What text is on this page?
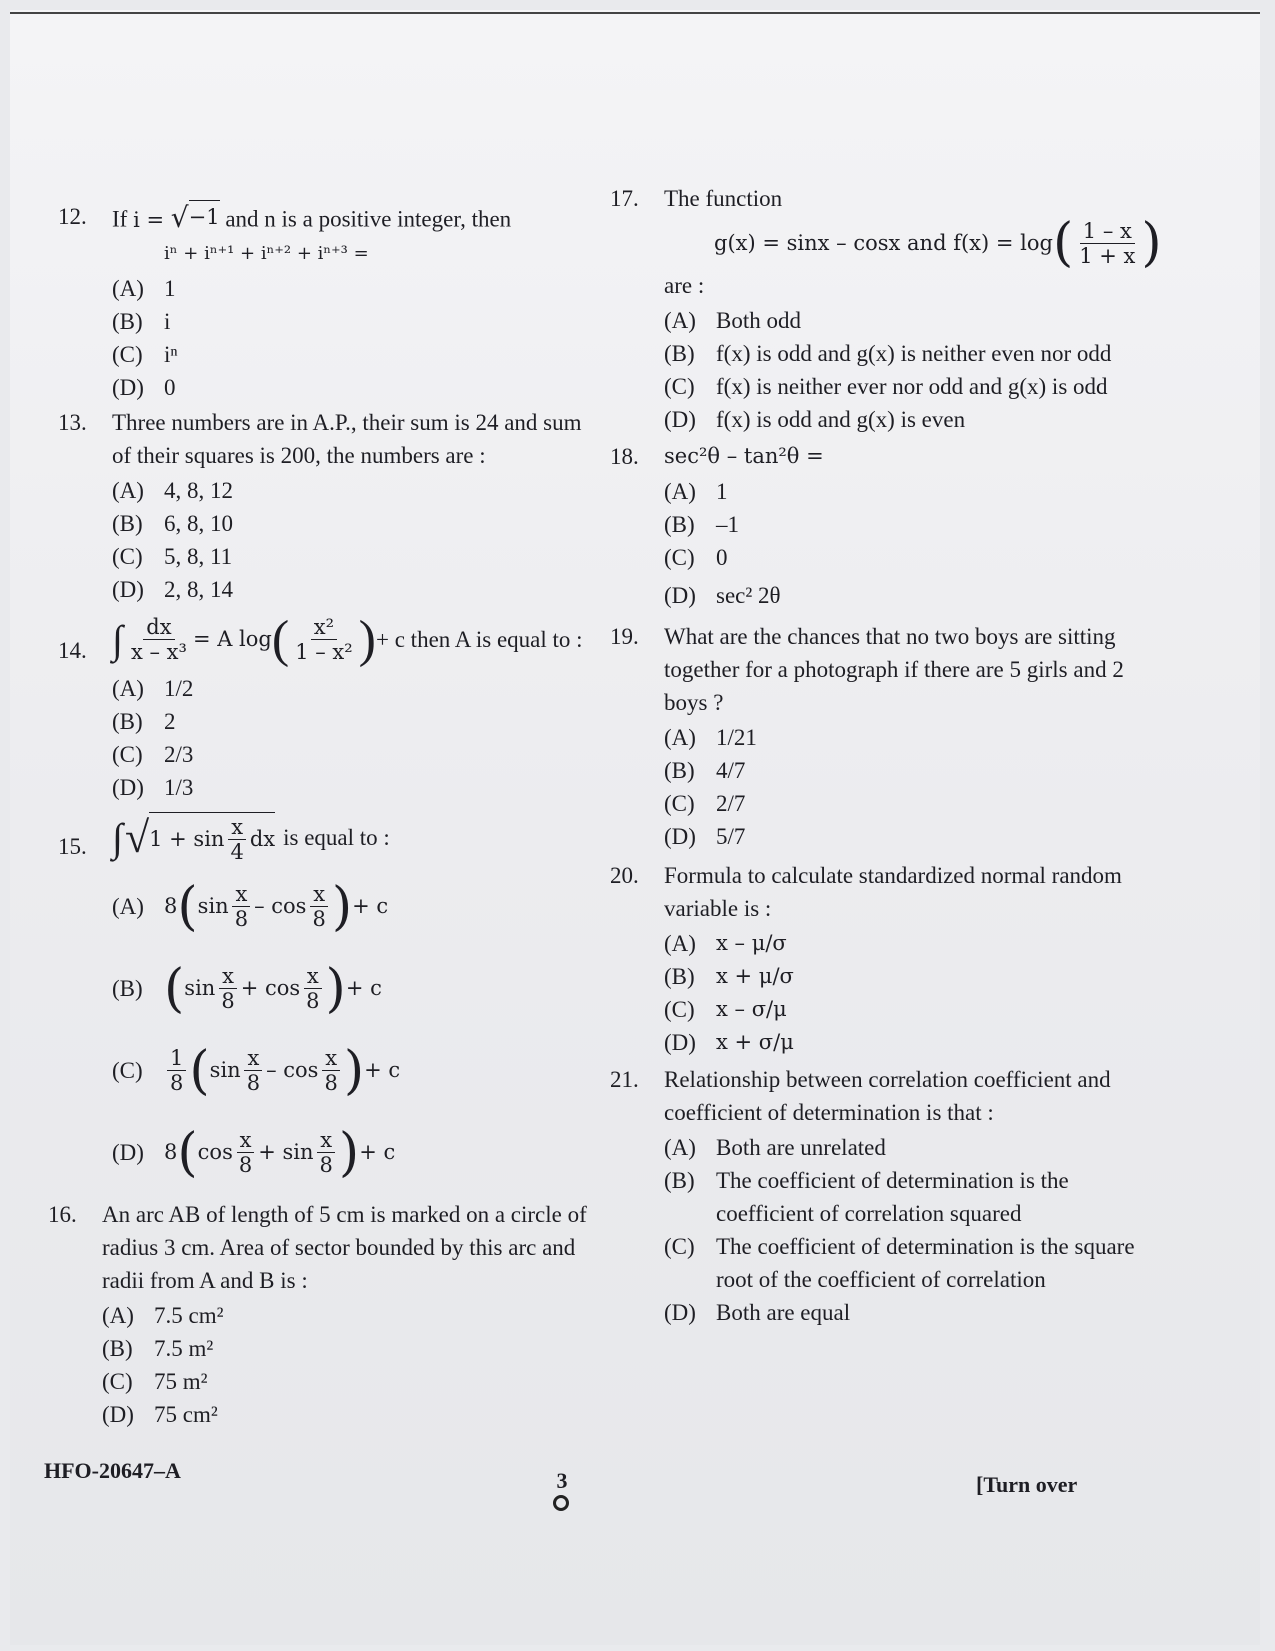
12.	If i = √ −1 and n is a positive integer, then
iⁿ + iⁿ⁺¹ + iⁿ⁺² + iⁿ⁺³ =
(A) 1
(B) i
(C) iⁿ
(D) 0
13.	Three numbers are in A.P., their sum is 24 and sum of their squares is 200, the numbers are :
(A) 4, 8, 12
(B) 6, 8, 10
(C) 5, 8, 11
(D) 2, 8, 14
14. ∫ $\frac{dx}{\text{x – x³}} = A$ log ( $\frac{\text{x²}}{\text{1 – x²}}$ ) + c then A is equal to :
(A) 1/2
(B) 2
(C) 2/3
(D) 1/3
15. ∫ √ $1 + \sin \frac{x}{4}$ dx is equal to :
(A) 8 ( $\sin \frac{x}{8}$ – $\cos \frac{x}{8}$ ) + c
(B) ( $\sin \frac{x}{8} + \cos \frac{x}{8}$ ) + c
(C)	$\frac{1}{8}$ ( $\sin \frac{x}{8}$ – $\cos \frac{x}{8}$ ) + c
(D) 8 ( $\cos \frac{x}{8} + \sin \frac{x}{8}$ ) + c
16.	An arc AB of length of 5 cm is marked on a circle of radius 3 cm. Area of sector bounded by this arc and radii from A and B is :
(A) 7.5 cm²
(B) 7.5 m²
(C) 75 m²
(D) 75 cm²
17.	The function
g(x) = sinx – cosx and f(x) = log ( $\frac{1 - x}{1 + x}$ )
are :
(A) Both odd
(B) f(x) is odd and g(x) is neither even nor odd
(C) f(x) is neither ever nor odd and g(x) is odd
(D) f(x) is odd and g(x) is even
18.	sec²θ – tan²θ =
(A) 1
(B) –1
(C) 0
(D) sec² 2θ
19.	What are the chances that no two boys are sitting together for a photograph if there are 5 girls and 2 boys ?
(A) 1/21
(B) 4/7
(C) 2/7
(D) 5/7
20.	Formula to calculate standardized normal random variable is :
(A) x – μ/σ
(B)	x + μ/σ
(C)	x – σ/μ
(D) x + σ/μ
21.	Relationship between correlation coefficient and coefficient of determination is that :
(A) Both are unrelated
(B) The coefficient of determination is the coefficient of correlation squared
(C) The coefficient of determination is the square root of the coefficient of correlation
(D) Both are equal
HFO-20647–A	3	[Turn over
